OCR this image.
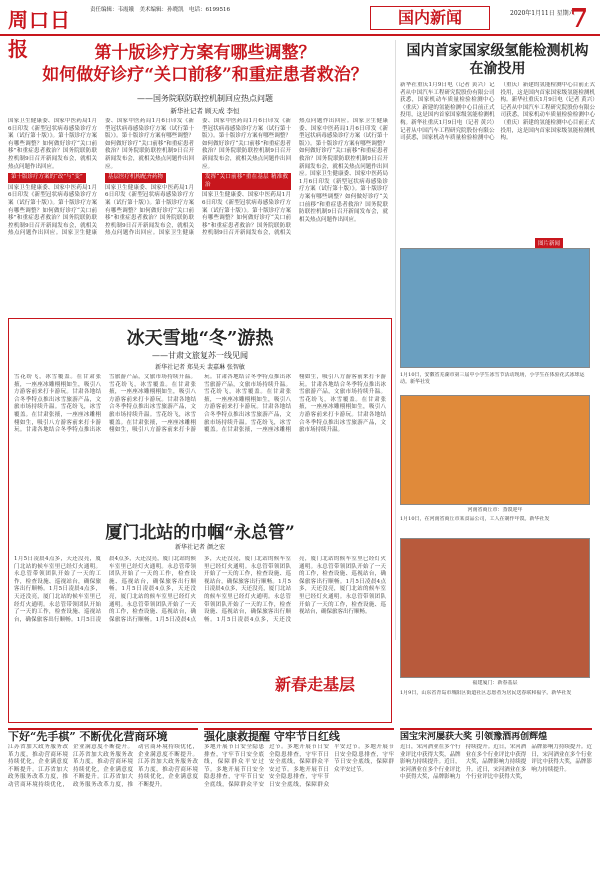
周口日报
责任编辑：韦霞娥　美术编辑：孙晓凯　电话：6199516	国内新闻	2020年1月11日 星期六
7
第十版诊疗方案有哪些调整？
如何做好诊疗“关口前移”和重症患者救治？
——国务院联防联控机制回应热点问题
新华社记者 顾天成 李恒
国家卫生健康委、国家中医药局1月6日印发《新型冠状病毒感染诊疗方案（试行第十版）》。第十版诊疗方案有哪些调整？如何做好诊疗“关口前移”和重症患者救治？国务院联防联控机制9日召开新闻发布会，就相关热点问题作出回应。
第十版诊疗方案的“改”与“变”
国家卫生健康委、国家中医药局1月6日印发《新型冠状病毒感染诊疗方案（试行第十版）》。第十版诊疗方案有哪些调整？如何做好诊疗“关口前移”和重症患者救治？国务院联防联控机制9日召开新闻发布会，就相关热点问题作出回应。国家卫生健康委、国家中医药局1月6日印发《新型冠状病毒感染诊疗方案（试行第十版）》。第十版诊疗方案有哪些调整？如何做好诊疗“关口前移”和重症患者救治？国务院联防联控机制9日召开新闻发布会，就相关热点问题作出回应。
基层医疗机构配齐药物
国家卫生健康委、国家中医药局1月6日印发《新型冠状病毒感染诊疗方案（试行第十版）》。第十版诊疗方案有哪些调整？如何做好诊疗“关口前移”和重症患者救治？国务院联防联控机制9日召开新闻发布会，就相关热点问题作出回应。国家卫生健康委、国家中医药局1月6日印发《新型冠状病毒感染诊疗方案（试行第十版）》。第十版诊疗方案有哪些调整？如何做好诊疗“关口前移”和重症患者救治？国务院联防联控机制9日召开新闻发布会，就相关热点问题作出回应。
发挥“关口前移”重在基层 精准救治
国家卫生健康委、国家中医药局1月6日印发《新型冠状病毒感染诊疗方案（试行第十版）》。第十版诊疗方案有哪些调整？如何做好诊疗“关口前移”和重症患者救治？国务院联防联控机制9日召开新闻发布会，就相关热点问题作出回应。国家卫生健康委、国家中医药局1月6日印发《新型冠状病毒感染诊疗方案（试行第十版）》。第十版诊疗方案有哪些调整？如何做好诊疗“关口前移”和重症患者救治？国务院联防联控机制9日召开新闻发布会，就相关热点问题作出回应。国家卫生健康委、国家中医药局1月6日印发《新型冠状病毒感染诊疗方案（试行第十版）》。第十版诊疗方案有哪些调整？如何做好诊疗“关口前移”和重症患者救治？国务院联防联控机制9日召开新闻发布会，就相关热点问题作出回应。
国内首家国家级氢能检测机构在渝投用
新华社重庆1月9日电（记者 黄兴）记者从中国汽车工程研究院股份有限公司获悉，国家机动车质量检验检测中心（重庆）新建的氢能检测中心目前正式投用，这是国内首家国家级氢能检测机构。新华社重庆1月9日电（记者 黄兴）记者从中国汽车工程研究院股份有限公司获悉，国家机动车质量检验检测中心（重庆）新建的氢能检测中心目前正式投用，这是国内首家国家级氢能检测机构。新华社重庆1月9日电（记者 黄兴）记者从中国汽车工程研究院股份有限公司获悉，国家机动车质量检验检测中心（重庆）新建的氢能检测中心目前正式投用，这是国内首家国家级氢能检测机构。
图片新闻
1月10日，安徽省芜湖市第三届中小学生冰雪节活动现场，小学生在体验花式冰球运动。新华社发
河南省商丘市：蒸馍迎年
1月10日，在河南省商丘市某食品公司，工人在制作年馍。新华社发
福建厦门：新春基层
1月9日，山东省青岛市城阳区街道社区志愿者为居民送春联和福字。新华社发
冰天雪地“冬”游热
——甘肃文旅复苏一线见闻
新华社记者 郑昊天 裴嘉琳 张智敏
雪花纷飞，冰雪覆盖。在甘肃张掖，一座座冰雕栩栩如生，吸引八方游客前来打卡游玩。甘肃各地结合冬季特点推出冰雪旅游产品，文旅市场持续升温。雪花纷飞，冰雪覆盖。在甘肃张掖，一座座冰雕栩栩如生，吸引八方游客前来打卡游玩。甘肃各地结合冬季特点推出冰雪旅游产品，文旅市场持续升温。雪花纷飞，冰雪覆盖。在甘肃张掖，一座座冰雕栩栩如生，吸引八方游客前来打卡游玩。甘肃各地结合冬季特点推出冰雪旅游产品，文旅市场持续升温。雪花纷飞，冰雪覆盖。在甘肃张掖，一座座冰雕栩栩如生，吸引八方游客前来打卡游玩。甘肃各地结合冬季特点推出冰雪旅游产品，文旅市场持续升温。雪花纷飞，冰雪覆盖。在甘肃张掖，一座座冰雕栩栩如生，吸引八方游客前来打卡游玩。甘肃各地结合冬季特点推出冰雪旅游产品，文旅市场持续升温。雪花纷飞，冰雪覆盖。在甘肃张掖，一座座冰雕栩栩如生，吸引八方游客前来打卡游玩。甘肃各地结合冬季特点推出冰雪旅游产品，文旅市场持续升温。雪花纷飞，冰雪覆盖。在甘肃张掖，一座座冰雕栩栩如生，吸引八方游客前来打卡游玩。甘肃各地结合冬季特点推出冰雪旅游产品，文旅市场持续升温。
厦门北站的巾帼“永总管”
新华社记者 颜之宏
1月5日凌晨4点多，天还没亮，厦门北站的候车室里已经灯火通明。永总管带领团队开始了一天的工作，检查设施、巡视站台，确保旅客出行顺畅。1月5日凌晨4点多，天还没亮，厦门北站的候车室里已经灯火通明。永总管带领团队开始了一天的工作，检查设施、巡视站台，确保旅客出行顺畅。1月5日凌晨4点多，天还没亮，厦门北站的候车室里已经灯火通明。永总管带领团队开始了一天的工作，检查设施、巡视站台，确保旅客出行顺畅。1月5日凌晨4点多，天还没亮，厦门北站的候车室里已经灯火通明。永总管带领团队开始了一天的工作，检查设施、巡视站台，确保旅客出行顺畅。1月5日凌晨4点多，天还没亮，厦门北站的候车室里已经灯火通明。永总管带领团队开始了一天的工作，检查设施、巡视站台，确保旅客出行顺畅。1月5日凌晨4点多，天还没亮，厦门北站的候车室里已经灯火通明。永总管带领团队开始了一天的工作，检查设施、巡视站台，确保旅客出行顺畅。1月5日凌晨4点多，天还没亮，厦门北站的候车室里已经灯火通明。永总管带领团队开始了一天的工作，检查设施、巡视站台，确保旅客出行顺畅。1月5日凌晨4点多，天还没亮，厦门北站的候车室里已经灯火通明。永总管带领团队开始了一天的工作，检查设施、巡视站台，确保旅客出行顺畅。
新春走基层
下好“先手棋” 不断优化营商环境
江苏省加大政务服务改革力度，推动营商环境持续优化，企业满意度不断提升。江苏省加大政务服务改革力度，推动营商环境持续优化，企业满意度不断提升。江苏省加大政务服务改革力度，推动营商环境持续优化，企业满意度不断提升。江苏省加大政务服务改革力度，推动营商环境持续优化，企业满意度不断提升。江苏省加大政务服务改革力度，推动营商环境持续优化，企业满意度不断提升。
强化康救提醒 守牢节日红线
多地开展节日安全隐患排查，守牢节日安全底线，保障群众平安过节。多地开展节日安全隐患排查，守牢节日安全底线，保障群众平安过节。多地开展节日安全隐患排查，守牢节日安全底线，保障群众平安过节。多地开展节日安全隐患排查，守牢节日安全底线，保障群众平安过节。多地开展节日安全隐患排查，守牢节日安全底线，保障群众平安过节。
国宝宋河屡获大奖 引领豫酒再创辉煌
近日，宋河酒业在多个行业评比中获得大奖，品牌影响力持续提升。近日，宋河酒业在多个行业评比中获得大奖，品牌影响力持续提升。近日，宋河酒业在多个行业评比中获得大奖，品牌影响力持续提升。近日，宋河酒业在多个行业评比中获得大奖，品牌影响力持续提升。近日，宋河酒业在多个行业评比中获得大奖，品牌影响力持续提升。
